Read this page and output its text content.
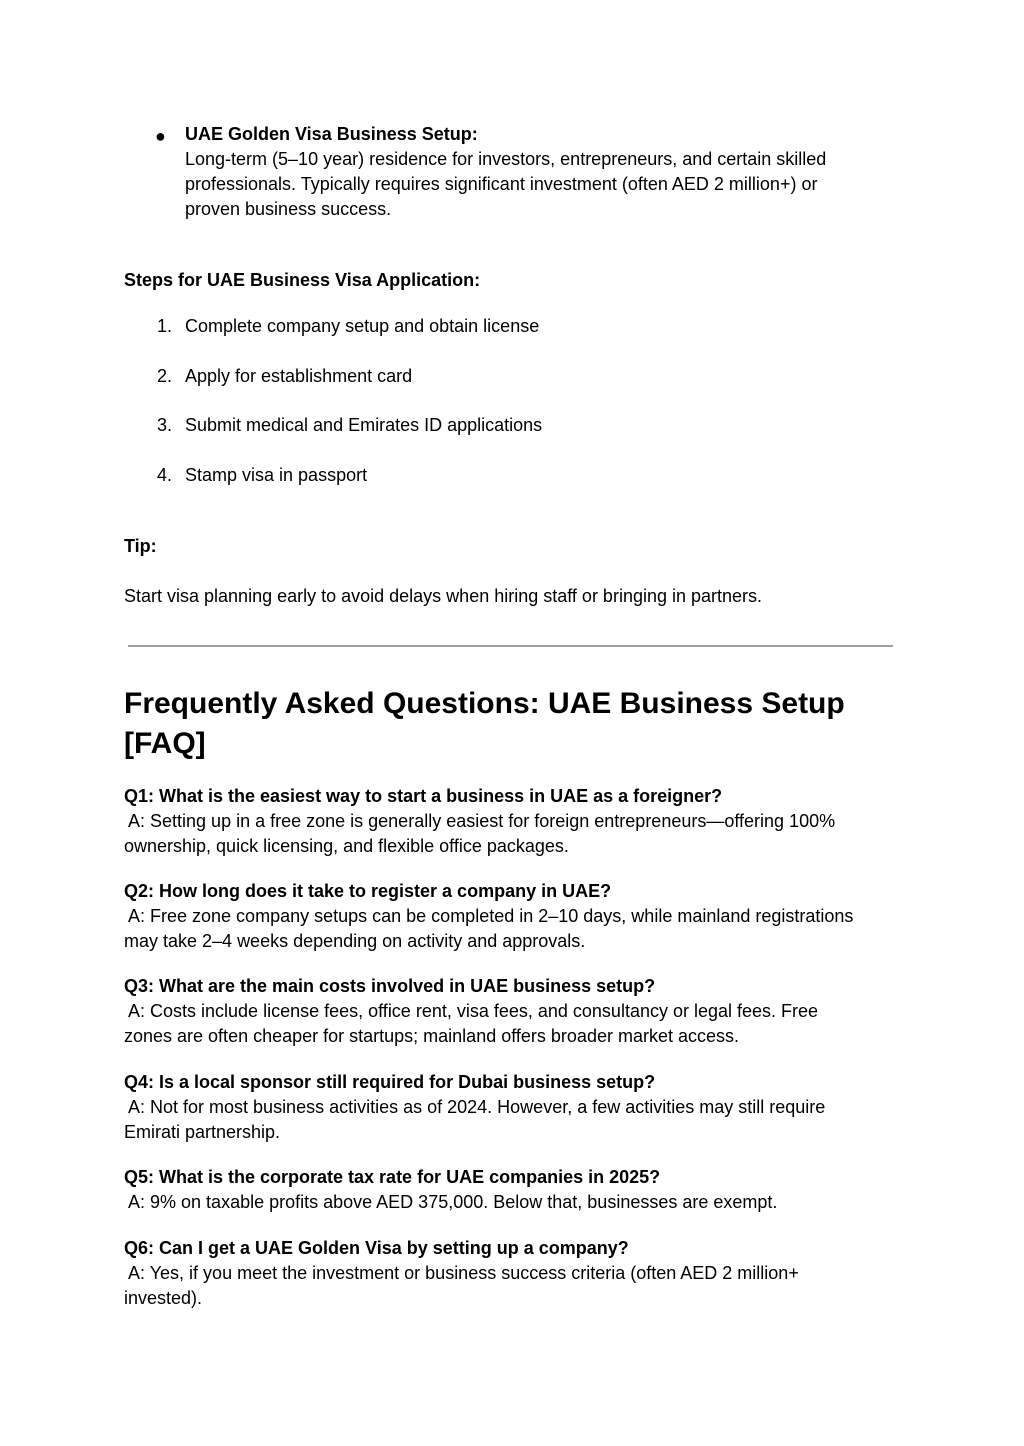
● UAE Golden Visa Business Setup:
Long-term (5–10 year) residence for investors, entrepreneurs, and certain skilled
professionals. Typically requires significant investment (often AED 2 million+) or
proven business success.
Steps for UAE Business Visa Application:
1. Complete company setup and obtain license
2. Apply for establishment card
3. Submit medical and Emirates ID applications
4. Stamp visa in passport
Tip:
Start visa planning early to avoid delays when hiring staff or bringing in partners.
Frequently Asked Questions: UAE Business Setup
[FAQ]
Q1: What is the easiest way to start a business in UAE as a foreigner?
A: Setting up in a free zone is generally easiest for foreign entrepreneurs—offering 100%
ownership, quick licensing, and flexible office packages.
Q2: How long does it take to register a company in UAE?
A: Free zone company setups can be completed in 2–10 days, while mainland registrations
may take 2–4 weeks depending on activity and approvals.
Q3: What are the main costs involved in UAE business setup?
A: Costs include license fees, office rent, visa fees, and consultancy or legal fees. Free
zones are often cheaper for startups; mainland offers broader market access.
Q4: Is a local sponsor still required for Dubai business setup?
A: Not for most business activities as of 2024. However, a few activities may still require
Emirati partnership.
Q5: What is the corporate tax rate for UAE companies in 2025?
A: 9% on taxable profits above AED 375,000. Below that, businesses are exempt.
Q6: Can I get a UAE Golden Visa by setting up a company?
A: Yes, if you meet the investment or business success criteria (often AED 2 million+
invested).
